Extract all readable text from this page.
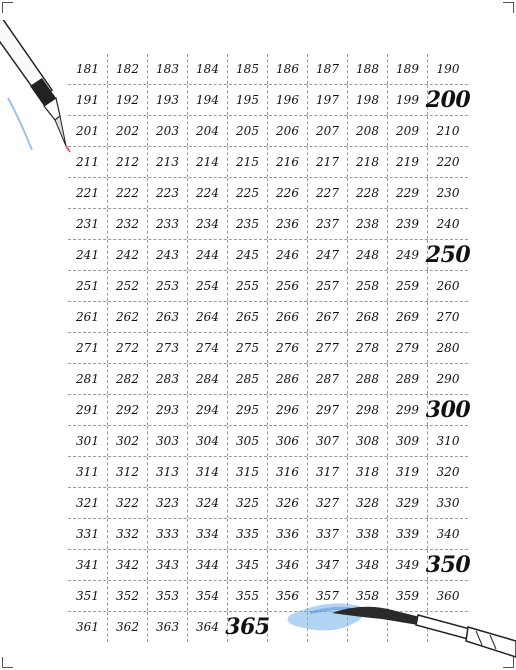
181	182	183	184	185	186	187	188	189	190
191	192	193	194	195	196	197	198	199 200
201	202	203	204	205	206	207	208	209	210
211	212	213	214	215	216	217	218	219	220
221	222	223	224	225	226	227	228	229	230
231	232	233	234	235	236	237	238	239	240
241	242	243	244	245	246	247	248	249 250
251	252	253	254	255	256	257	258	259	260
261	262	263	264	265	266	267	268	269	270
271	272	273	274	275	276	277	278	279	280
281	282	283	284	285	286	287	288	289	290
291	292	293	294	295	296	297	298	299 300
301	302	303	304	305	306	307	308	309	310
311	312	313	314	315	316	317	318	319	320
321	322	323	324	325	326	327	328	329	330
331	332	333	334	335	336	337	338	339	340
341	342	343	344	345	346	347	348	349 350
351	352	353	354	355	356	357	358	359	360
361	362	363	364 365
